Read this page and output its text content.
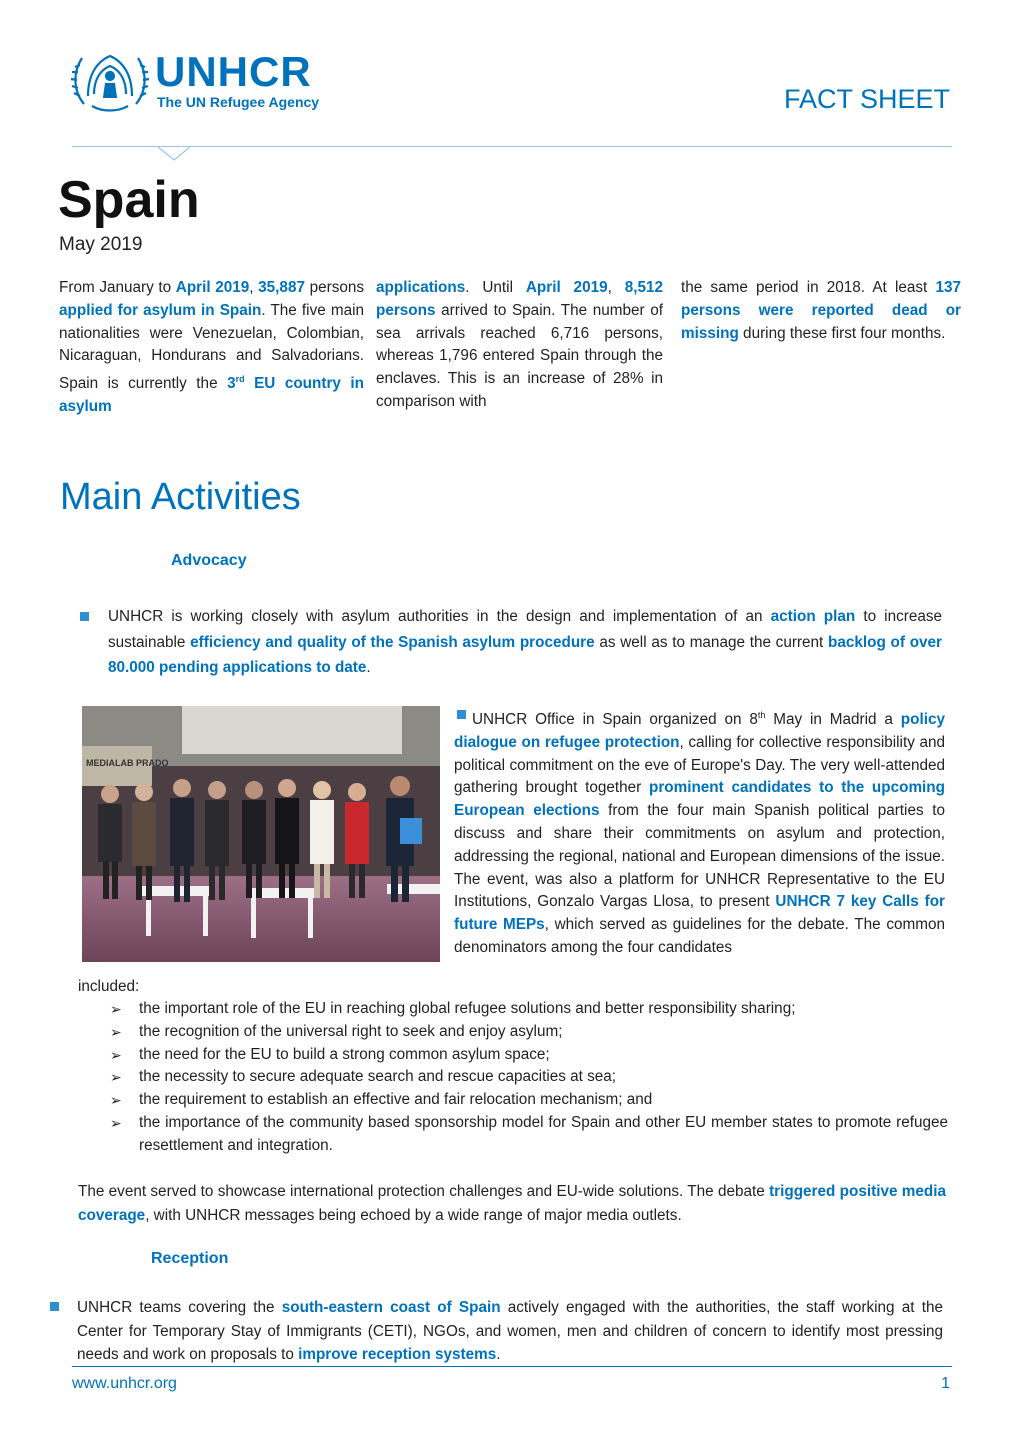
UNHCR
The UN Refugee Agency	FACT SHEET
Spain
May 2019
From January to April 2019, 35,887 persons applied for asylum in Spain. The five main nationalities were Venezuelan, Colombian, Nicaraguan, Hondurans and Salvadorians. Spain is currently the 3rd EU country in asylum
applications. Until April 2019, 8,512 persons arrived to Spain. The number of sea arrivals reached 6,716 persons, whereas 1,796 entered Spain through the enclaves. This is an increase of 28% in comparison with
the same period in 2018. At least 137 persons were reported dead or missing during these first four months.
Main Activities
Advocacy
UNHCR is working closely with asylum authorities in the design and implementation of an action plan to increase sustainable efficiency and quality of the Spanish asylum procedure as well as to manage the current backlog of over 80.000 pending applications to date.
MEDIALAB PRADO
UNHCR Office in Spain organized on 8th May in Madrid a policy dialogue on refugee protection, calling for collective responsibility and political commitment on the eve of Europe's Day. The very well-attended gathering brought together prominent candidates to the upcoming European elections from the four main Spanish political parties to discuss and share their commitments on asylum and protection, addressing the regional, national and European dimensions of the issue. The event, was also a platform for UNHCR Representative to the EU Institutions, Gonzalo Vargas Llosa, to present UNHCR 7 key Calls for future MEPs, which served as guidelines for the debate. The common denominators among the four candidates
included:
➢ the important role of the EU in reaching global refugee solutions and better responsibility sharing;
➢ the recognition of the universal right to seek and enjoy asylum;
➢ the need for the EU to build a strong common asylum space;
➢ the necessity to secure adequate search and rescue capacities at sea;
➢ the requirement to establish an effective and fair relocation mechanism; and
➢ the importance of the community based sponsorship model for Spain and other EU member states to promote refugee resettlement and integration.
The event served to showcase international protection challenges and EU-wide solutions. The debate triggered positive media coverage, with UNHCR messages being echoed by a wide range of major media outlets.
Reception
UNHCR teams covering the south-eastern coast of Spain actively engaged with the authorities, the staff working at the Center for Temporary Stay of Immigrants (CETI), NGOs, and women, men and children of concern to identify most pressing needs and work on proposals to improve reception systems.
www.unhcr.org	1
